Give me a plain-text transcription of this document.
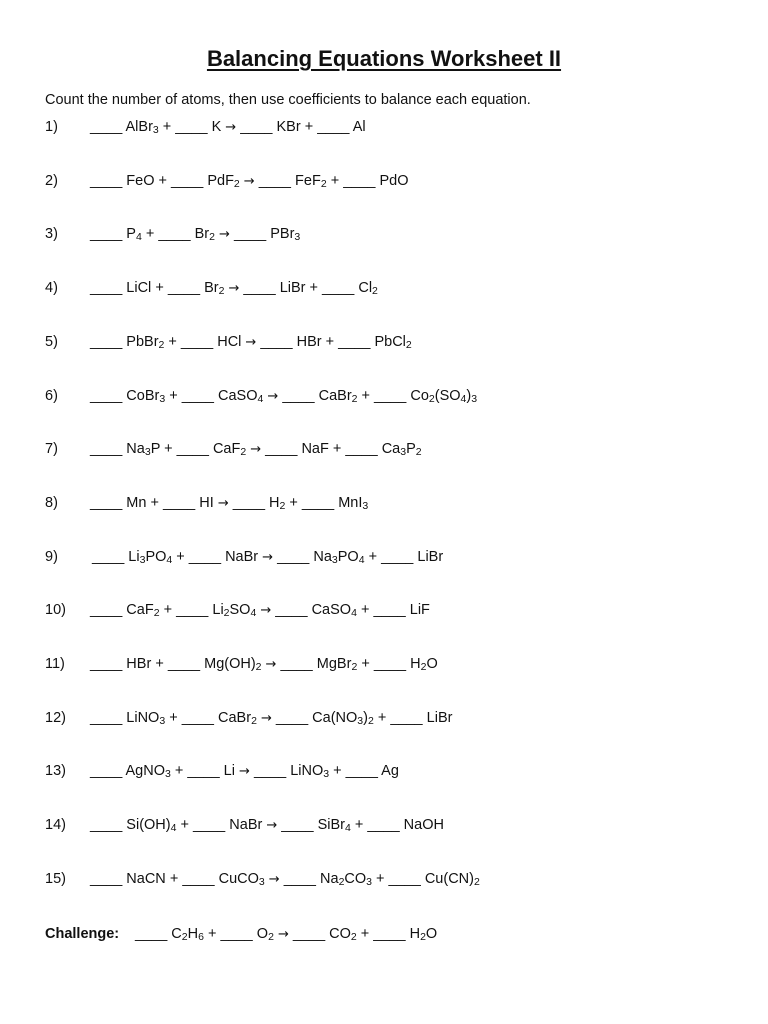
Balancing Equations Worksheet II
Count the number of atoms, then use coefficients to balance each equation.
1) ____ AlBr$_3$ + ____ K → ____ KBr + ____ Al
2) ____ FeO + ____ PdF$_2$ → ____ FeF$_2$ + ____ PdO
3) ____ $P_4$ + ____ $Br_2$ → ____ PBr$_3$
4) ____ LiCl + ____ $Br_2$ → ____ LiBr + ____ $Cl_2$
5) ____ PbBr$_2$ + ____ HCl → ____ HBr + ____ PbCl$_2$
6) ____ CoBr$_3$ + ____ CaSO$_4$ → ____ CaBr$_2$ + ____ $Co_2(SO_4)_3$
7) ____ $Na_3P$ + ____ CaF$_2$ → ____ NaF + ____ $Ca_3P_2$
8) ____ Mn + ____ HI → ____ $H_2$ + ____ MnI$_3$
9) ____ $Li_3PO_4$ + ____ NaBr → ____ $Na_3PO_4$ + ____ LiBr
10) ____ CaF$_2$ + ____ $Li_2SO_4$ → ____ CaSO$_4$ + ____ LiF
11) ____ HBr + ____ $Mg(OH)_2$ → ____ MgBr$_2$ + ____ $H_2O$
12) ____ LiNO$_3$ + ____ CaBr$_2$ → ____ $Ca(NO_3)_2$ + ____ LiBr
13) ____ AgNO$_3$ + ____ Li → ____ LiNO$_3$ + ____ Ag
14) ____ $Si(OH)_4$ + ____ NaBr → ____ SiBr$_4$ + ____ NaOH
15) ____ NaCN + ____ CuCO$_3$ → ____ $Na_2CO_3$ + ____ $Cu(CN)_2$
Challenge: ____ $C_2H_6$ + ____ $O_2$ → ____ $CO_2$ + ____ $H_2O$
